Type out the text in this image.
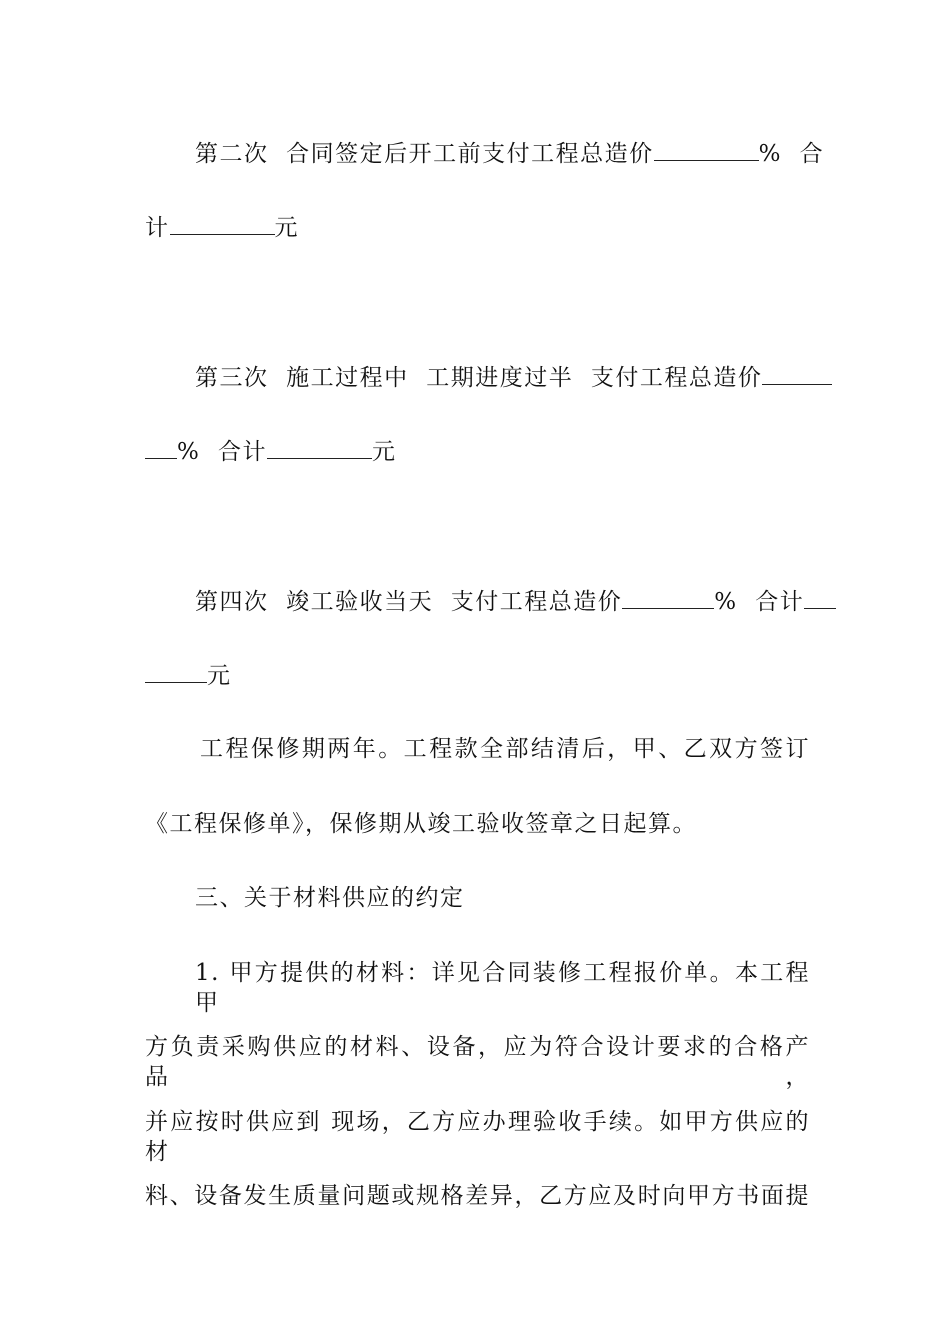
第二次  合同签定后开工前支付工程总造价	%  合
计	元
第三次  施工过程中  工期进度过半  支付工程总造价
%  合计	元
第四次  竣工验收当天  支付工程总造价	%  合计
元
工程保修期两年。工程款全部结清后，甲、乙双方签订
《工程保修单》，保修期从竣工验收签章之日起算。
三、关于材料供应的约定
1. 甲方提供的材料：详见合同装修工程报价单。本工程甲
方负责采购供应的材料、设备，应为符合设计要求的合格产品，
并应按时供应到 现场，乙方应办理验收手续。如甲方供应的材
料、设备发生质量问题或规格差异，乙方应及时向甲方书面提
